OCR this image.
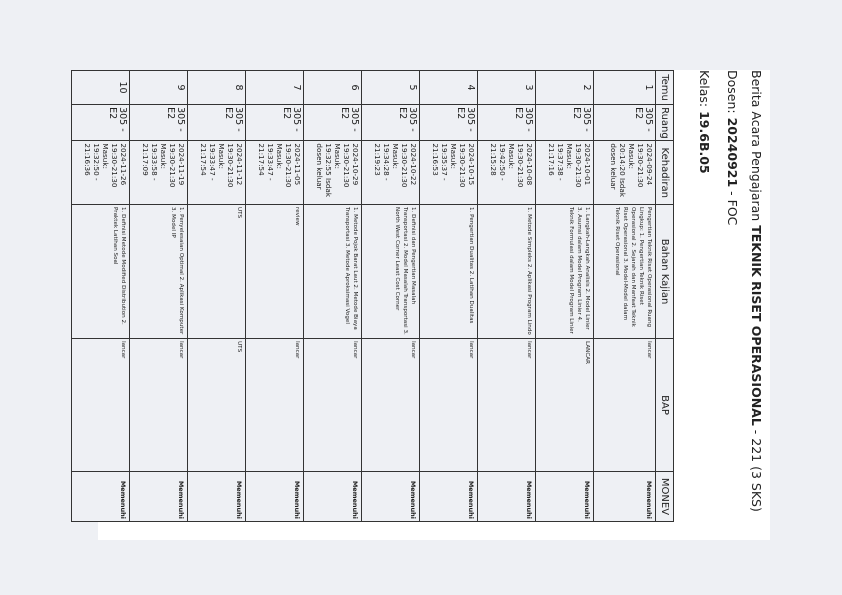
Berita Acara Pengajaran TEKNIK RISET OPERASIONAL - 221 (3 SKS)
Dosen: 20240921 - FOC
Kelas: 19.6B.05
Temu	Ruang	Kehadiran	Bahan Kajian	BAP	MONEV
1	305 - E2	2024-09-24 19:30-21:30 Masuk: 20:14:20 Isdak dosen keluar	Pengertian Teknik Riset Operasional Ruang Lingkup: 1. Pengertian Teknik Riset Operasional 2. Sejarah dan Manfaat Teknik Riset Operasional 3. Model-Model dalam Teknik Riset Operasional	lancar	Memenuhi
2	305 - E2	2024-10-01 19:30-21:30 Masuk: 19:37:38 - 21:17:16	1. Langkah-Langkah Analisis 2. Model Linier 3. Asumsi dalam Model Program Linier 4. Teknik Formulasi dalam Model Program Linier	LANCAR	Memenuhi
3	305 - E2	2024-10-08 19:30-21:30 Masuk: 19:42:50 - 21:15:28	1. Metode Simpleks 2. Aplikasi Program Lindo	lancar	Memenuhi
4	305 - E2	2024-10-15 19:30-21:30 Masuk: 19:35:37 - 21:16:53	1. Pengertian Dualitas 2. Latihan Dualitas	lancar	Memenuhi
5	305 - E2	2024-10-22 19:30-21:30 Masuk: 19:34:28 - 21:19:23	1. Definisi dan Pengertian Masalah Transportasi 2. Model Masalah Transportasi 3. North West Corner Least Cost Corner	lancar	Memenuhi
6	305 - E2	2024-10-29 19:30-21:30 Masuk: 19:32:55 Isdak dosen keluar	1. Metode Pojok Barat Laut 2. Metode Biaya Transportasi 3. Metode Aproksimasi Vogel	lancar	Memenuhi
7	305 - E2	2024-11-05 19:30-21:30 Masuk: 19:33:47 - 21:17:54	review	lancar	Memenuhi
8	305 - E2	2024-11-12 19:30-21:30 Masuk: 19:33:47 - 21:17:54	UTS	UTS	Memenuhi
9	305 - E2	2024-11-19 19:30-21:30 Masuk: 19:33:58 - 21:17:09	1. Penyelesaian Optimal 2. Aplikasi Komputer 3. Model IP	lancar	Memenuhi
10	305 - E2	2024-11-26 19:30-21:30 Masuk: 19:32:50 - 21:16:36	1. Definisi Metode Modified Distribution 2. Praktek Latihan Soal	lancar	Memenuhi
